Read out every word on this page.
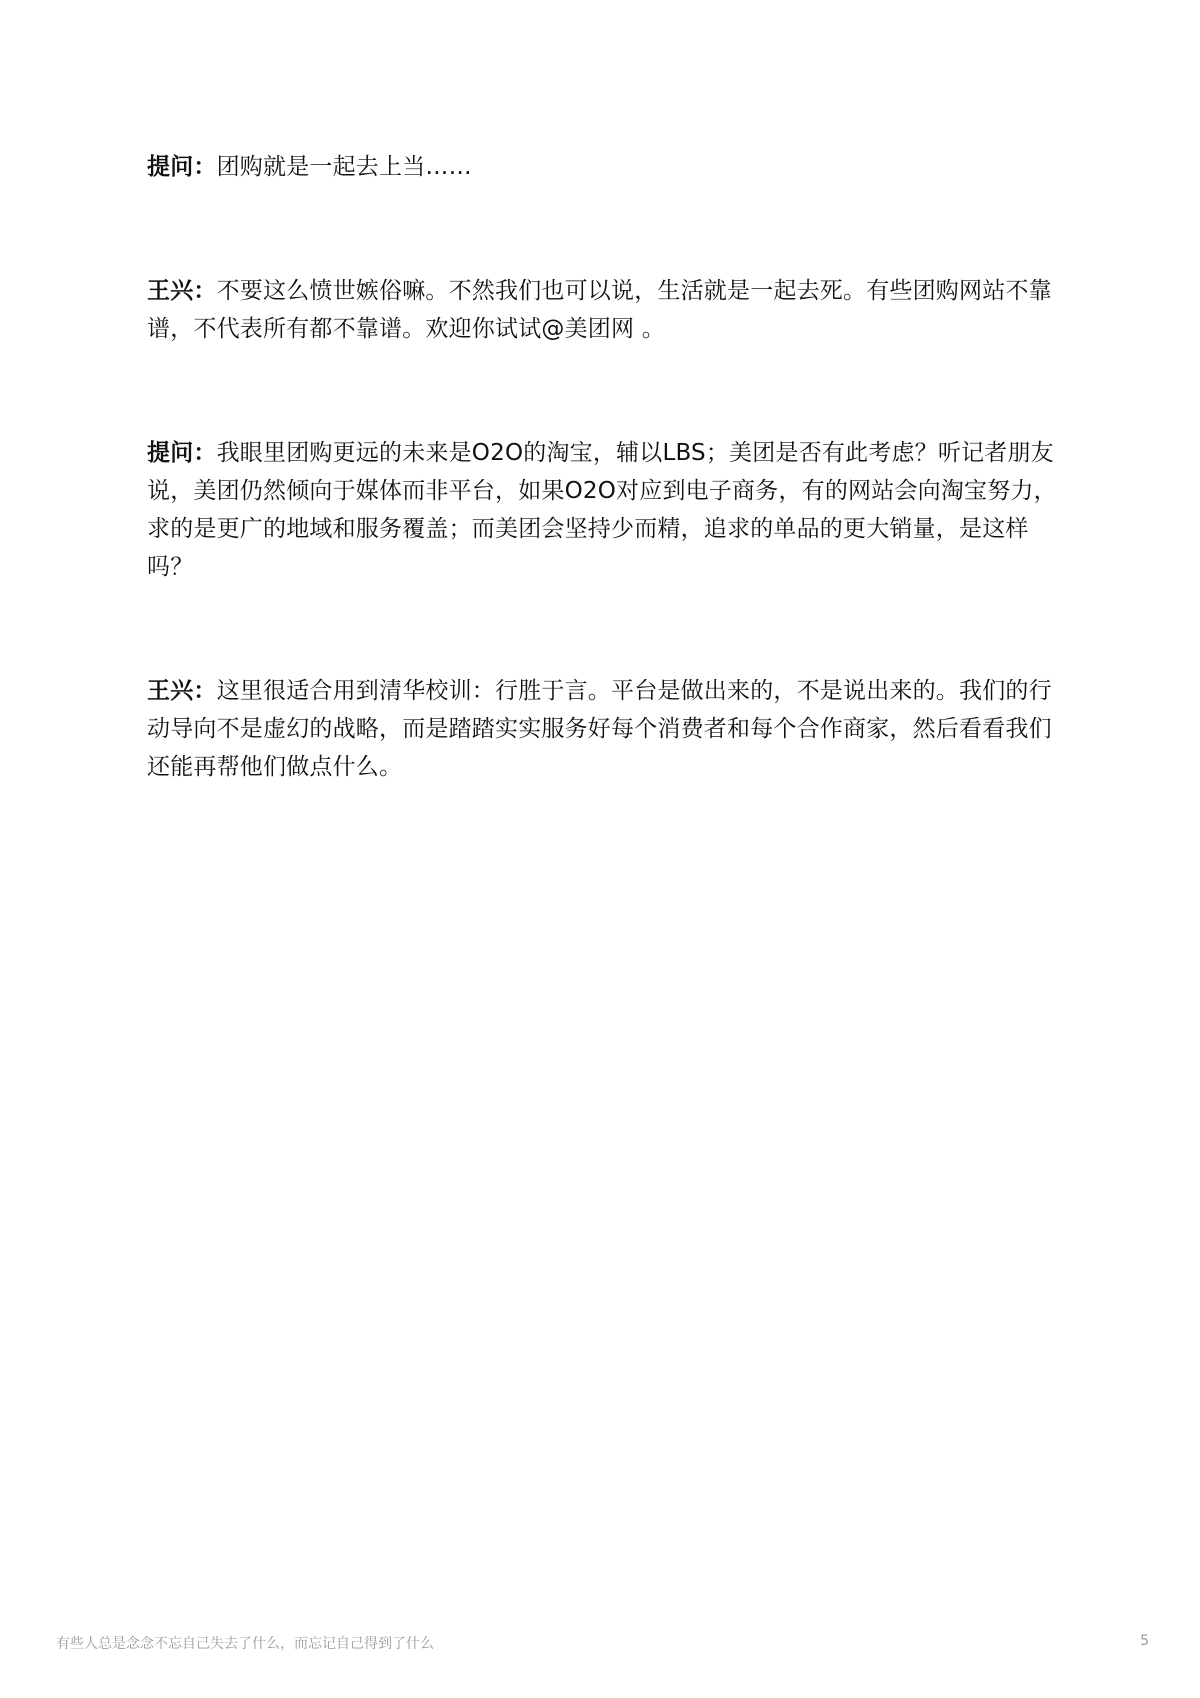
提问：团购就是一起去上当……

王兴：不要这么愤世嫉俗嘛。不然我们也可以说，生活就是一起去死。有些团购网站不靠谱，不代表所有都不靠谱。欢迎你试试@美团网 。

提问：我眼里团购更远的未来是O2O的淘宝，辅以LBS；美团是否有此考虑？听记者朋友说，美团仍然倾向于媒体而非平台，如果O2O对应到电子商务，有的网站会向淘宝努力，求的是更广的地域和服务覆盖；而美团会坚持少而精，追求的单品的更大销量，是这样吗？

王兴：这里很适合用到清华校训：行胜于言。平台是做出来的，不是说出来的。我们的行动导向不是虚幻的战略，而是踏踏实实服务好每个消费者和每个合作商家，然后看看我们还能再帮他们做点什么。

有些人总是念念不忘自己失去了什么，而忘记自己得到了什么	5
